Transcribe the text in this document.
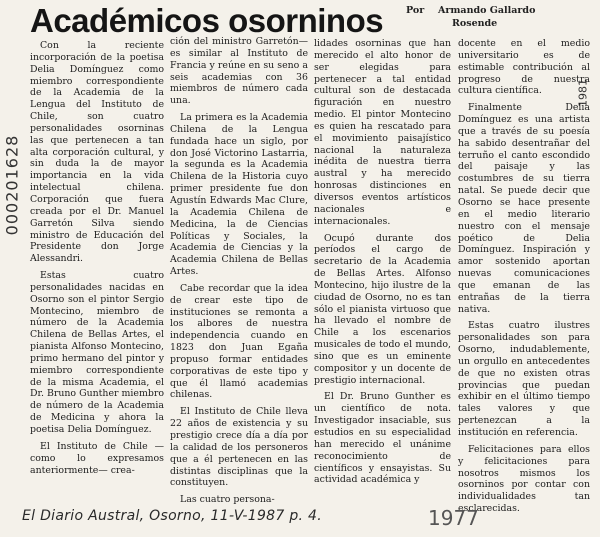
Académicos osorninos Por Armando Gallardo
Rosende
000201628
1981

Con la reciente incorporación de la poetisa Delia Domínguez como miembro correspondiente de la Academia de la Lengua del Instituto de Chile, son cuatro personalidades osorninas las que pertenecen a tan alta corporación cultural, y sin duda la de mayor importancia en la vida intelectual chilena. Corporación que fuera creada por el Dr. Manuel Garretón Silva siendo ministro de Educación del Presidente don Jorge Alessandri.

Estas cuatro personalidades nacidas en Osorno son el pintor Sergio Montecino, miembro de número de la Academia Chilena de Bellas Artes, el pianista Alfonso Montecino, primo hermano del pintor y miembro correspondiente de la misma Academia, el Dr. Bruno Gunther miembro de número de la Academia de Medicina y ahora la poetisa Delia Domínguez.

El Instituto de Chile —como lo expresamos anteriormente— crea-

ción del ministro Garretón— es similar al Instituto de Francia y reúne en su seno a seis academias con 36 miembros de número cada una.

La primera es la Academia Chilena de la Lengua fundada hace un siglo, por don José Victorino Lastarria, la segunda es la Academia Chilena de la Historia cuyo primer presidente fue don Agustín Edwards Mac Clure, la Academia Chilena de Medicina, la de Ciencias Políticas y Sociales, la Academia de Ciencias y la Academia Chilena de Bellas Artes.

Cabe recordar que la idea de crear este tipo de instituciones se remonta a los albores de nuestra independencia cuando en 1823 don Juan Egaña propuso formar entidades corporativas de este tipo y que él llamó academias chilenas.

El Instituto de Chile lleva 22 años de existencia y su prestigio crece día a día por la calidad de los personeros que a él pertenecen en las distintas disciplinas que la constituyen.

Las cuatro persona-

lidades osorninas que han merecido el alto honor de ser elegidas para pertenecer a tal entidad cultural son de destacada figuración en nuestro medio. El pintor Montecino es quien ha rescatado para el movimiento paisajístico nacional la naturaleza inédita de nuestra tierra austral y ha merecido honrosas distinciones en diversos eventos artísticos nacionales e internacionales.

Ocupó durante dos períodos el cargo de secretario de la Academia de Bellas Artes. Alfonso Montecino, hijo ilustre de la ciudad de Osorno, no es tan sólo el pianista virtuoso que ha llevado el nombre de Chile a los escenarios musicales de todo el mundo, sino que es un eminente compositor y un docente de prestigio internacional.

El Dr. Bruno Gunther es un científico de nota. Investigador insaciable, sus estudios en su especialidad han merecido el unánime reconocimiento de científicos y ensayistas. Su actividad académica y

docente en el medio universitario es de estimable contribución al progreso de nuestra cultura científica.

Finalmente Delia Domínguez es una artista que a través de su poesía ha sabido desentrañar del terruño el canto escondido del paisaje y las costumbres de su tierra natal. Se puede decir que Osorno se hace presente en el medio literario nuestro con el mensaje poético de Delia Domínguez. Inspiración y amor sostenido aportan nuevas comunicaciones que emanan de las entrañas de la tierra nativa.

Estas cuatro ilustres personalidades son para Osorno, indudablemente, un orgullo en antecedentes de que no existen otras provincias que puedan exhibir en el último tiempo tales valores y que pertenezcan a la institución en referencia.

Felicitaciones para ellos y felicitaciones para nosotros mismos los osorninos por contar con individualidades tan esclarecidas.

El Diario Austral, Osorno, 11-V-1987 p. 4.	1977
